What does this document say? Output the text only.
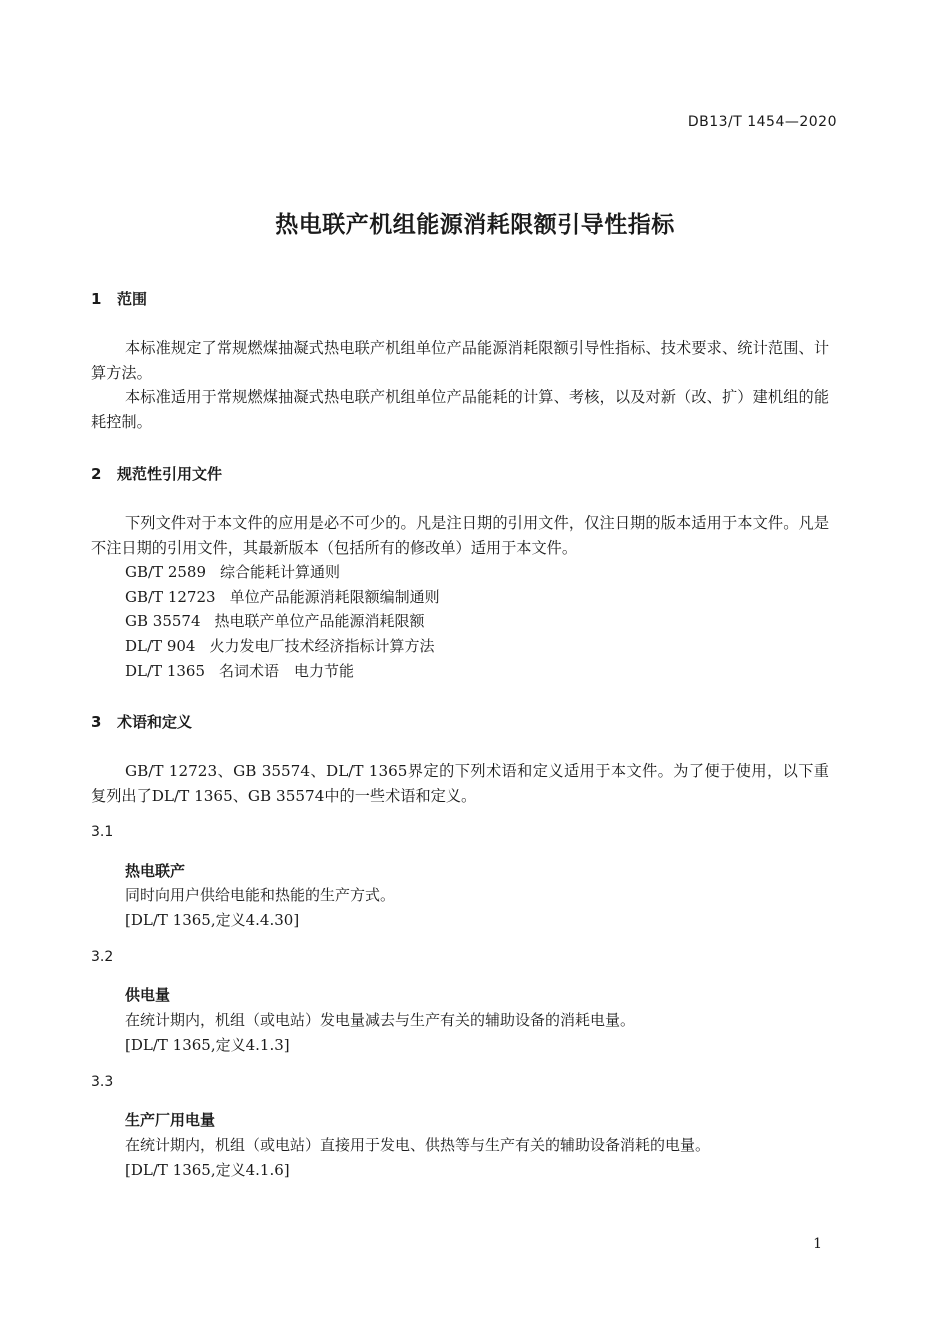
DB13/T 1454—2020
热电联产机组能源消耗限额引导性指标
1 范围
本标准规定了常规燃煤抽凝式热电联产机组单位产品能源消耗限额引导性指标、技术要求、统计范围、计算方法。
本标准适用于常规燃煤抽凝式热电联产机组单位产品能耗的计算、考核，以及对新（改、扩）建机组的能耗控制。
2 规范性引用文件
下列文件对于本文件的应用是必不可少的。凡是注日期的引用文件，仅注日期的版本适用于本文件。凡是不注日期的引用文件，其最新版本（包括所有的修改单）适用于本文件。
GB/T 2589 综合能耗计算通则
GB/T 12723 单位产品能源消耗限额编制通则
GB 35574 热电联产单位产品能源消耗限额
DL/T 904 火力发电厂技术经济指标计算方法
DL/T 1365 名词术语　电力节能
3 术语和定义
GB/T 12723、GB 35574、DL/T 1365界定的下列术语和定义适用于本文件。为了便于使用，以下重复列出了DL/T 1365、GB 35574中的一些术语和定义。
3.1
热电联产
同时向用户供给电能和热能的生产方式。
[DL/T 1365,定义4.4.30]
3.2
供电量
在统计期内，机组（或电站）发电量减去与生产有关的辅助设备的消耗电量。
[DL/T 1365,定义4.1.3]
3.3
生产厂用电量
在统计期内，机组（或电站）直接用于发电、供热等与生产有关的辅助设备消耗的电量。
[DL/T 1365,定义4.1.6]
1
